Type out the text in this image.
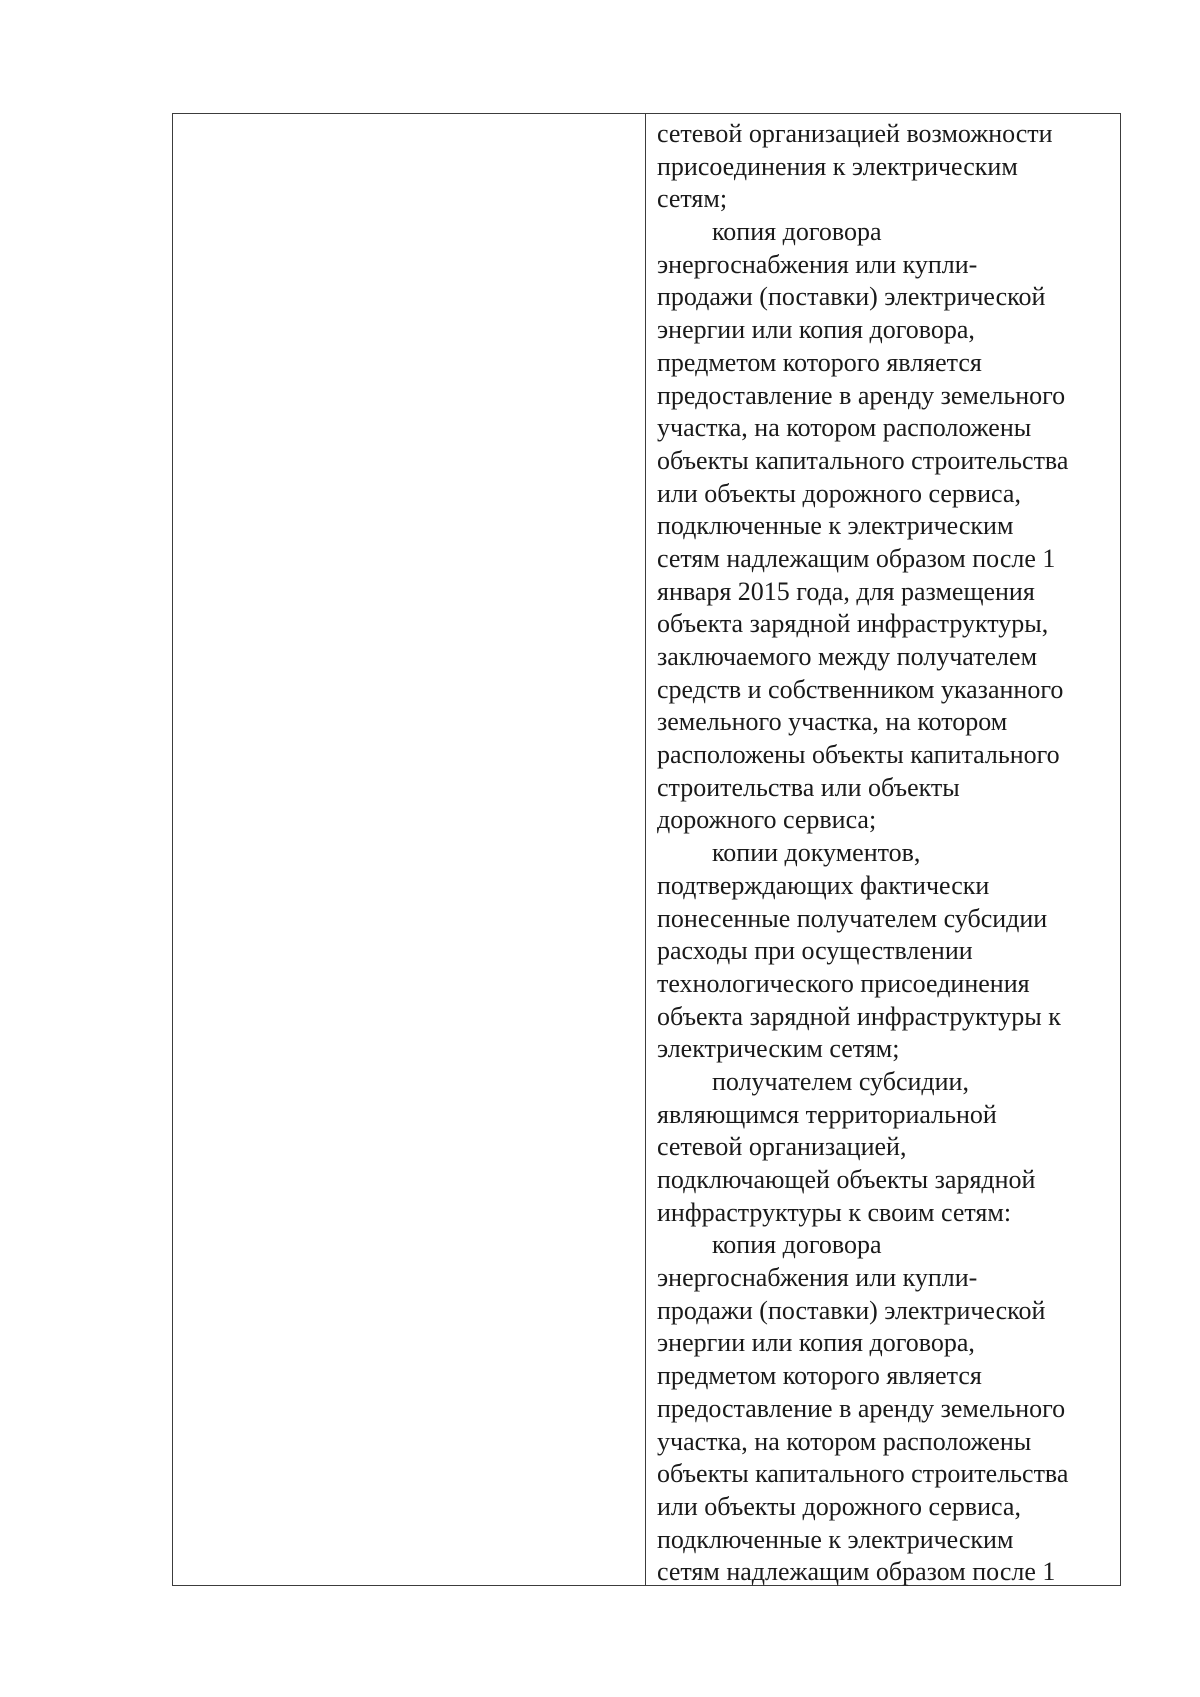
сетевой организацией возможности
присоединения к электрическим
сетям;
копия договора
энергоснабжения или купли-
продажи (поставки) электрической
энергии или копия договора,
предметом которого является
предоставление в аренду земельного
участка, на котором расположены
объекты капитального строительства
или объекты дорожного сервиса,
подключенные к электрическим
сетям надлежащим образом после 1
января 2015 года, для размещения
объекта зарядной инфраструктуры,
заключаемого между получателем
средств и собственником указанного
земельного участка, на котором
расположены объекты капитального
строительства или объекты
дорожного сервиса;
копии документов,
подтверждающих фактически
понесенные получателем субсидии
расходы при осуществлении
технологического присоединения
объекта зарядной инфраструктуры к
электрическим сетям;
получателем субсидии,
являющимся территориальной
сетевой организацией,
подключающей объекты зарядной
инфраструктуры к своим сетям:
копия договора
энергоснабжения или купли-
продажи (поставки) электрической
энергии или копия договора,
предметом которого является
предоставление в аренду земельного
участка, на котором расположены
объекты капитального строительства
или объекты дорожного сервиса,
подключенные к электрическим
сетям надлежащим образом после 1
